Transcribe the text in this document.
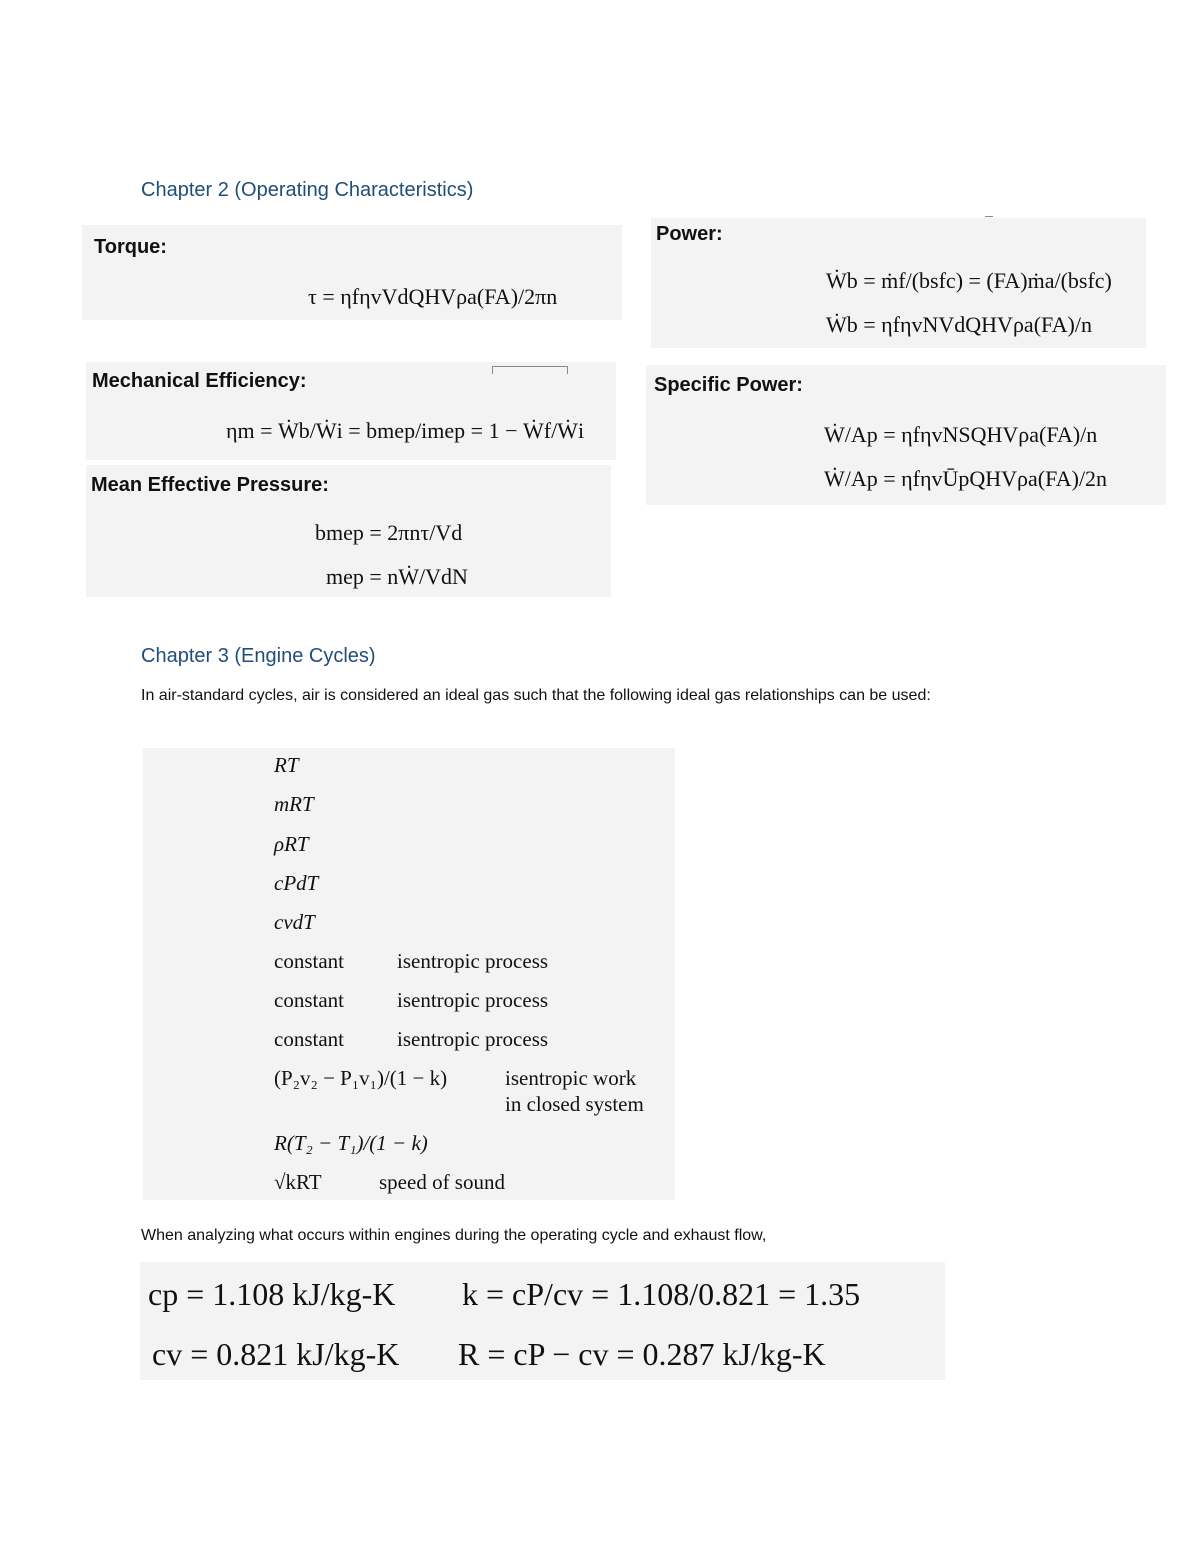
Chapter 2 (Operating Characteristics)
Torque:
τ = ηfηvVdQHVρa(FA)/2πn
Power:
Ẇb = ṁf/(bsfc) = (FA)ṁa/(bsfc)
Ẇb = ηfηvNVdQHVρa(FA)/n
Mechanical Efficiency:
ηm = Ẇb/Ẇi = bmep/imep = 1 − Ẇf/Ẇi
Specific Power:
Ẇ/Ap = ηfηvNSQHVρa(FA)/n
Ẇ/Ap = ηfηvŪpQHVρa(FA)/2n
Mean Effective Pressure:
bmep = 2πnτ/Vd
mep = nẆ/VdN
Chapter 3 (Engine Cycles)

In air-standard cycles, air is considered an ideal gas such that the following ideal gas relationships can be used:

RT
mRT
ρRT
cPdT
cvdT
constant	isentropic process
constant	isentropic process
constant	isentropic process
(P₂v₂ − P₁v₁)/(1 − k)	isentropic work
in closed system
R(T₂ − T₁)/(1 − k)
√kRT	speed of sound

When analyzing what occurs within engines during the operating cycle and exhaust flow,

cp = 1.108 kJ/kg-K k = cP/cv = 1.108/0.821 = 1.35
cv = 0.821 kJ/kg-K R = cP − cv = 0.287 kJ/kg-K
